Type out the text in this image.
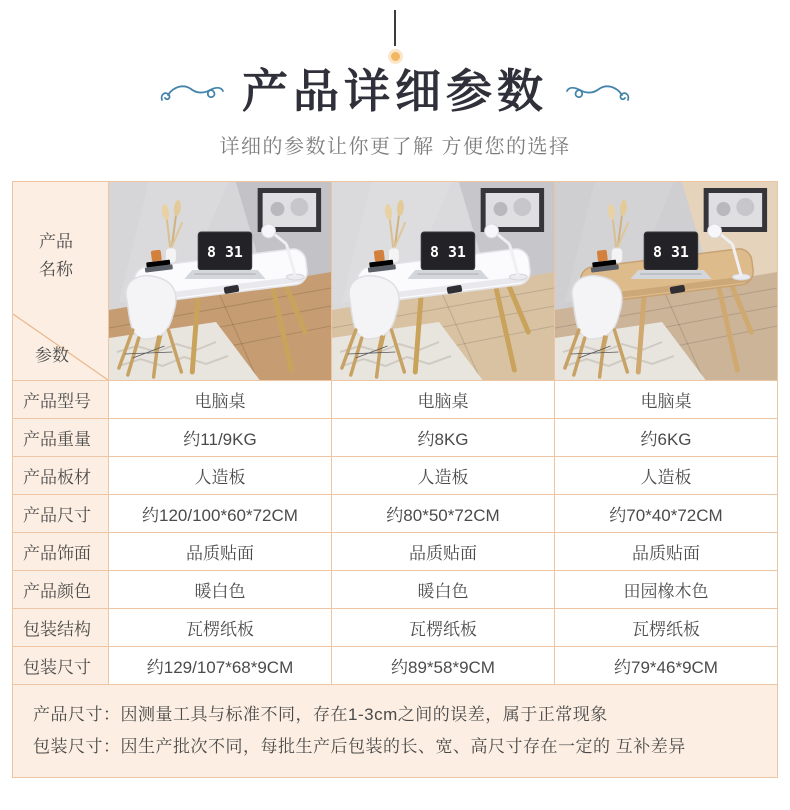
产品详细参数
详细的参数让你更了解 方便您的选择
产品名称
参数
8 31	8 31	8 31
产品型号	电脑桌	电脑桌	电脑桌
产品重量	约11/9KG	约8KG	约6KG
产品板材	人造板	人造板	人造板
产品尺寸	约120/100*60*72CM	约80*50*72CM	约70*40*72CM
产品饰面	品质贴面	品质贴面	品质贴面
产品颜色	暖白色	暖白色	田园橡木色
包装结构	瓦楞纸板	瓦楞纸板	瓦楞纸板
包装尺寸	约129/107*68*9CM	约89*58*9CM	约79*46*9CM
产品尺寸：因测量工具与标准不同，存在1-3cm之间的误差，属于正常现象
包装尺寸：因生产批次不同，每批生产后包装的长、宽、高尺寸存在一定的 互补差异
